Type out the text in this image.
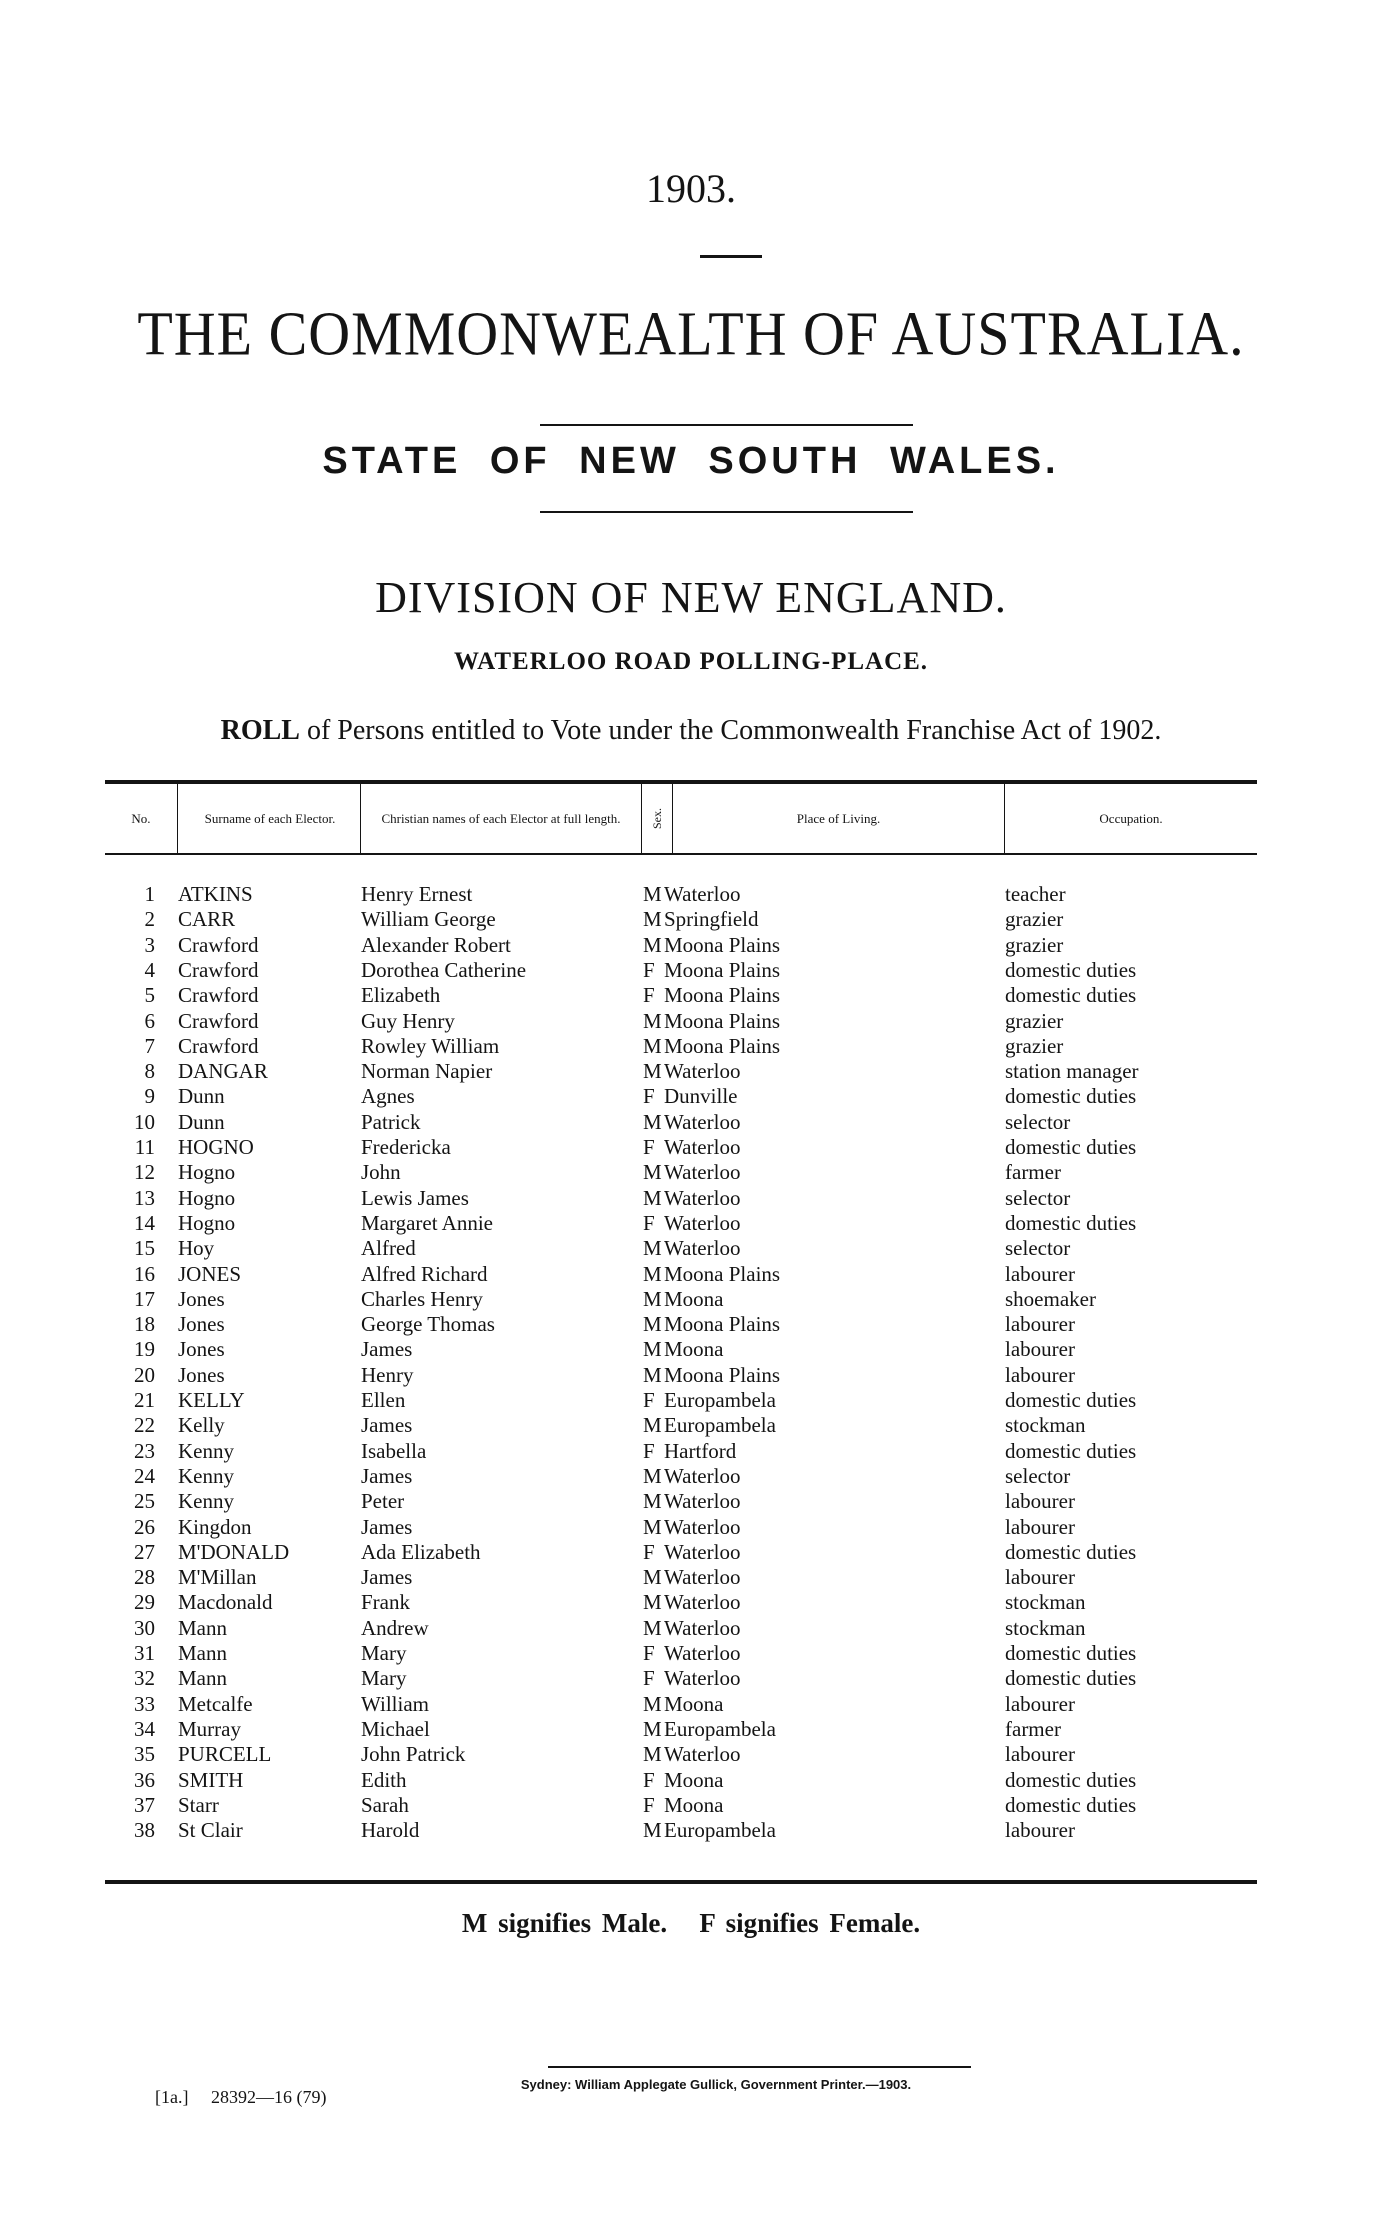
1903.
THE COMMONWEALTH OF AUSTRALIA.
STATE OF NEW SOUTH WALES.
DIVISION OF NEW ENGLAND.
WATERLOO ROAD POLLING-PLACE.
ROLL of Persons entitled to Vote under the Commonwealth Franchise Act of 1902.
No.	Surname of each Elector.	Christian names of each Elector at full length.	Sex.	Place of Living.	Occupation.
1 ATKINS	Henry Ernest	M Waterloo	teacher
2 CARR	William George	M Springfield	grazier
3 Crawford	Alexander Robert	M Moona Plains	grazier
4 Crawford	Dorothea Catherine	F Moona Plains	domestic duties
5 Crawford	Elizabeth	F Moona Plains	domestic duties
6 Crawford	Guy Henry	M Moona Plains	grazier
7 Crawford	Rowley William	M Moona Plains	grazier
8 DANGAR	Norman Napier	M Waterloo	station manager
9 Dunn	Agnes	F Dunville	domestic duties
10 Dunn	Patrick	M Waterloo	selector
11 HOGNO	Fredericka	F Waterloo	domestic duties
12 Hogno	John	M Waterloo	farmer
13 Hogno	Lewis James	M Waterloo	selector
14 Hogno	Margaret Annie	F Waterloo	domestic duties
15 Hoy	Alfred	M Waterloo	selector
16 JONES	Alfred Richard	M Moona Plains	labourer
17 Jones	Charles Henry	M Moona	shoemaker
18 Jones	George Thomas	M Moona Plains	labourer
19 Jones	James	M Moona	labourer
20 Jones	Henry	M Moona Plains	labourer
21 KELLY	Ellen	F Europambela	domestic duties
22 Kelly	James	M Europambela	stockman
23 Kenny	Isabella	F Hartford	domestic duties
24 Kenny	James	M Waterloo	selector
25 Kenny	Peter	M Waterloo	labourer
26 Kingdon	James	M Waterloo	labourer
27 M'DONALD	Ada Elizabeth	F Waterloo	domestic duties
28 M'Millan	James	M Waterloo	labourer
29 Macdonald	Frank	M Waterloo	stockman
30 Mann	Andrew	M Waterloo	stockman
31 Mann	Mary	F Waterloo	domestic duties
32 Mann	Mary	F Waterloo	domestic duties
33 Metcalfe	William	M Moona	labourer
34 Murray	Michael	M Europambela	farmer
35 PURCELL	John Patrick	M Waterloo	labourer
36 SMITH	Edith	F Moona	domestic duties
37 Starr	Sarah	F Moona	domestic duties
38 St Clair	Harold	M Europambela	labourer
M signifies Male.   F signifies Female.
Sydney: William Applegate Gullick, Government Printer.—1903.
[1a.]     28392—16 (79)
